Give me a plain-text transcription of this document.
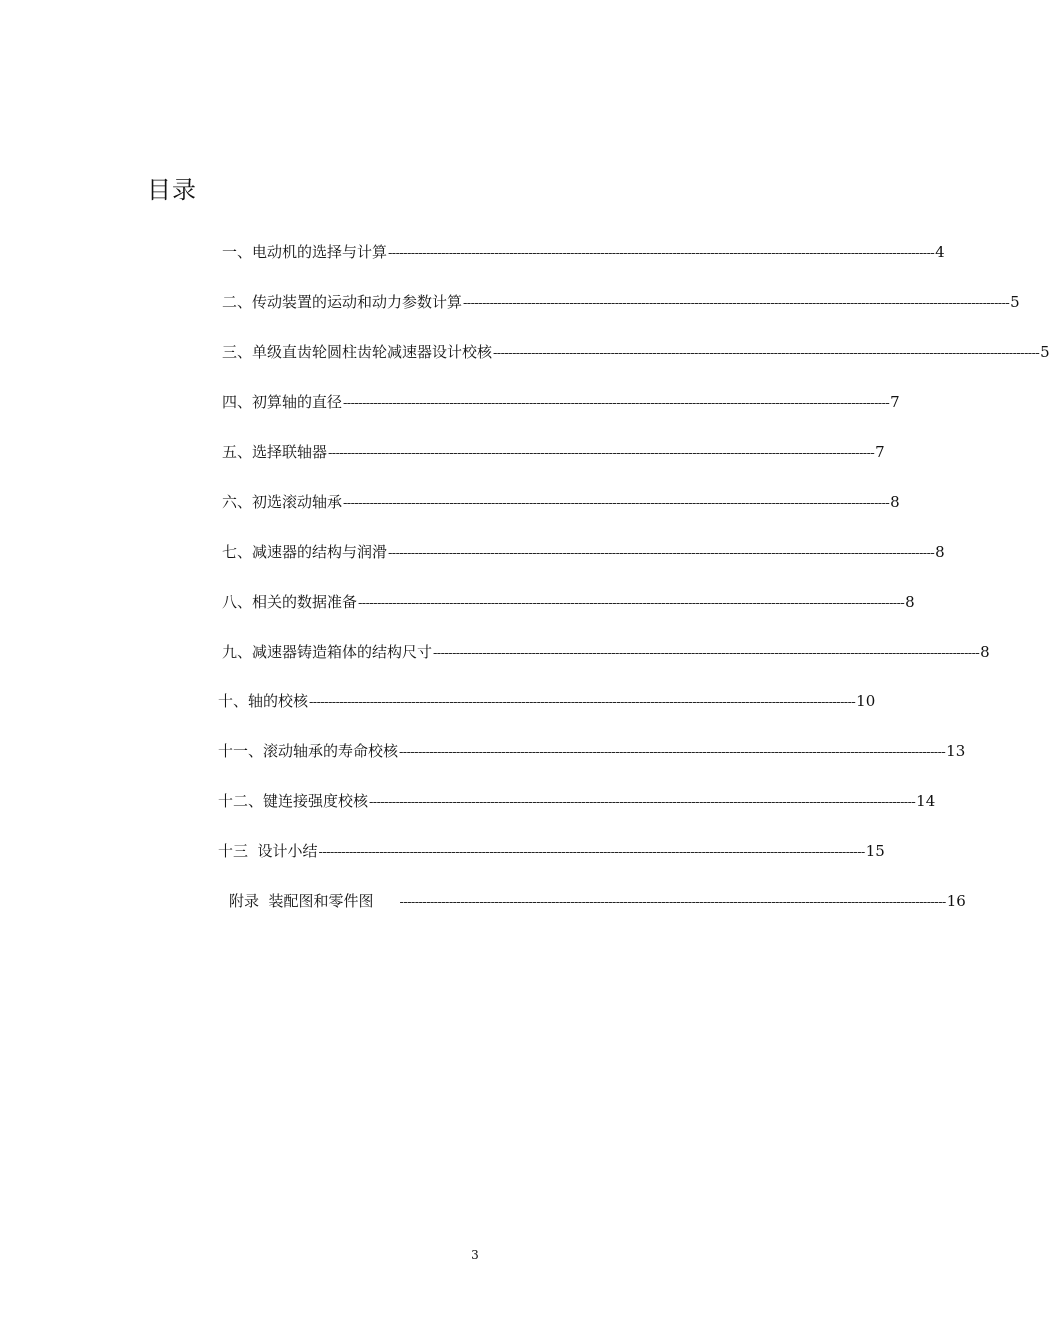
目录
一、电动机的选择与计算 ------------------------------------------------------------------------------------------------------------------------------------------------ 4
二、传动装置的运动和动力参数计算 ------------------------------------------------------------------------------------------------------------------------------------------------ 5
三、单级直齿轮圆柱齿轮减速器设计校核 ------------------------------------------------------------------------------------------------------------------------------------------------ 5
四、初算轴的直径 ------------------------------------------------------------------------------------------------------------------------------------------------ 7
五、选择联轴器 ------------------------------------------------------------------------------------------------------------------------------------------------ 7
六、初选滚动轴承 ------------------------------------------------------------------------------------------------------------------------------------------------ 8
七、减速器的结构与润滑 ------------------------------------------------------------------------------------------------------------------------------------------------ 8
八、相关的数据准备 ------------------------------------------------------------------------------------------------------------------------------------------------ 8
九、减速器铸造箱体的结构尺寸 ------------------------------------------------------------------------------------------------------------------------------------------------ 8
十、轴的校核 ------------------------------------------------------------------------------------------------------------------------------------------------ 10
十一、滚动轴承的寿命校核 ------------------------------------------------------------------------------------------------------------------------------------------------ 13
十二、键连接强度校核 ------------------------------------------------------------------------------------------------------------------------------------------------ 14
十三  设计小结 ------------------------------------------------------------------------------------------------------------------------------------------------ 15
附录  装配图和零件图 ------------------------------------------------------------------------------------------------------------------------------------------------ 16
3
